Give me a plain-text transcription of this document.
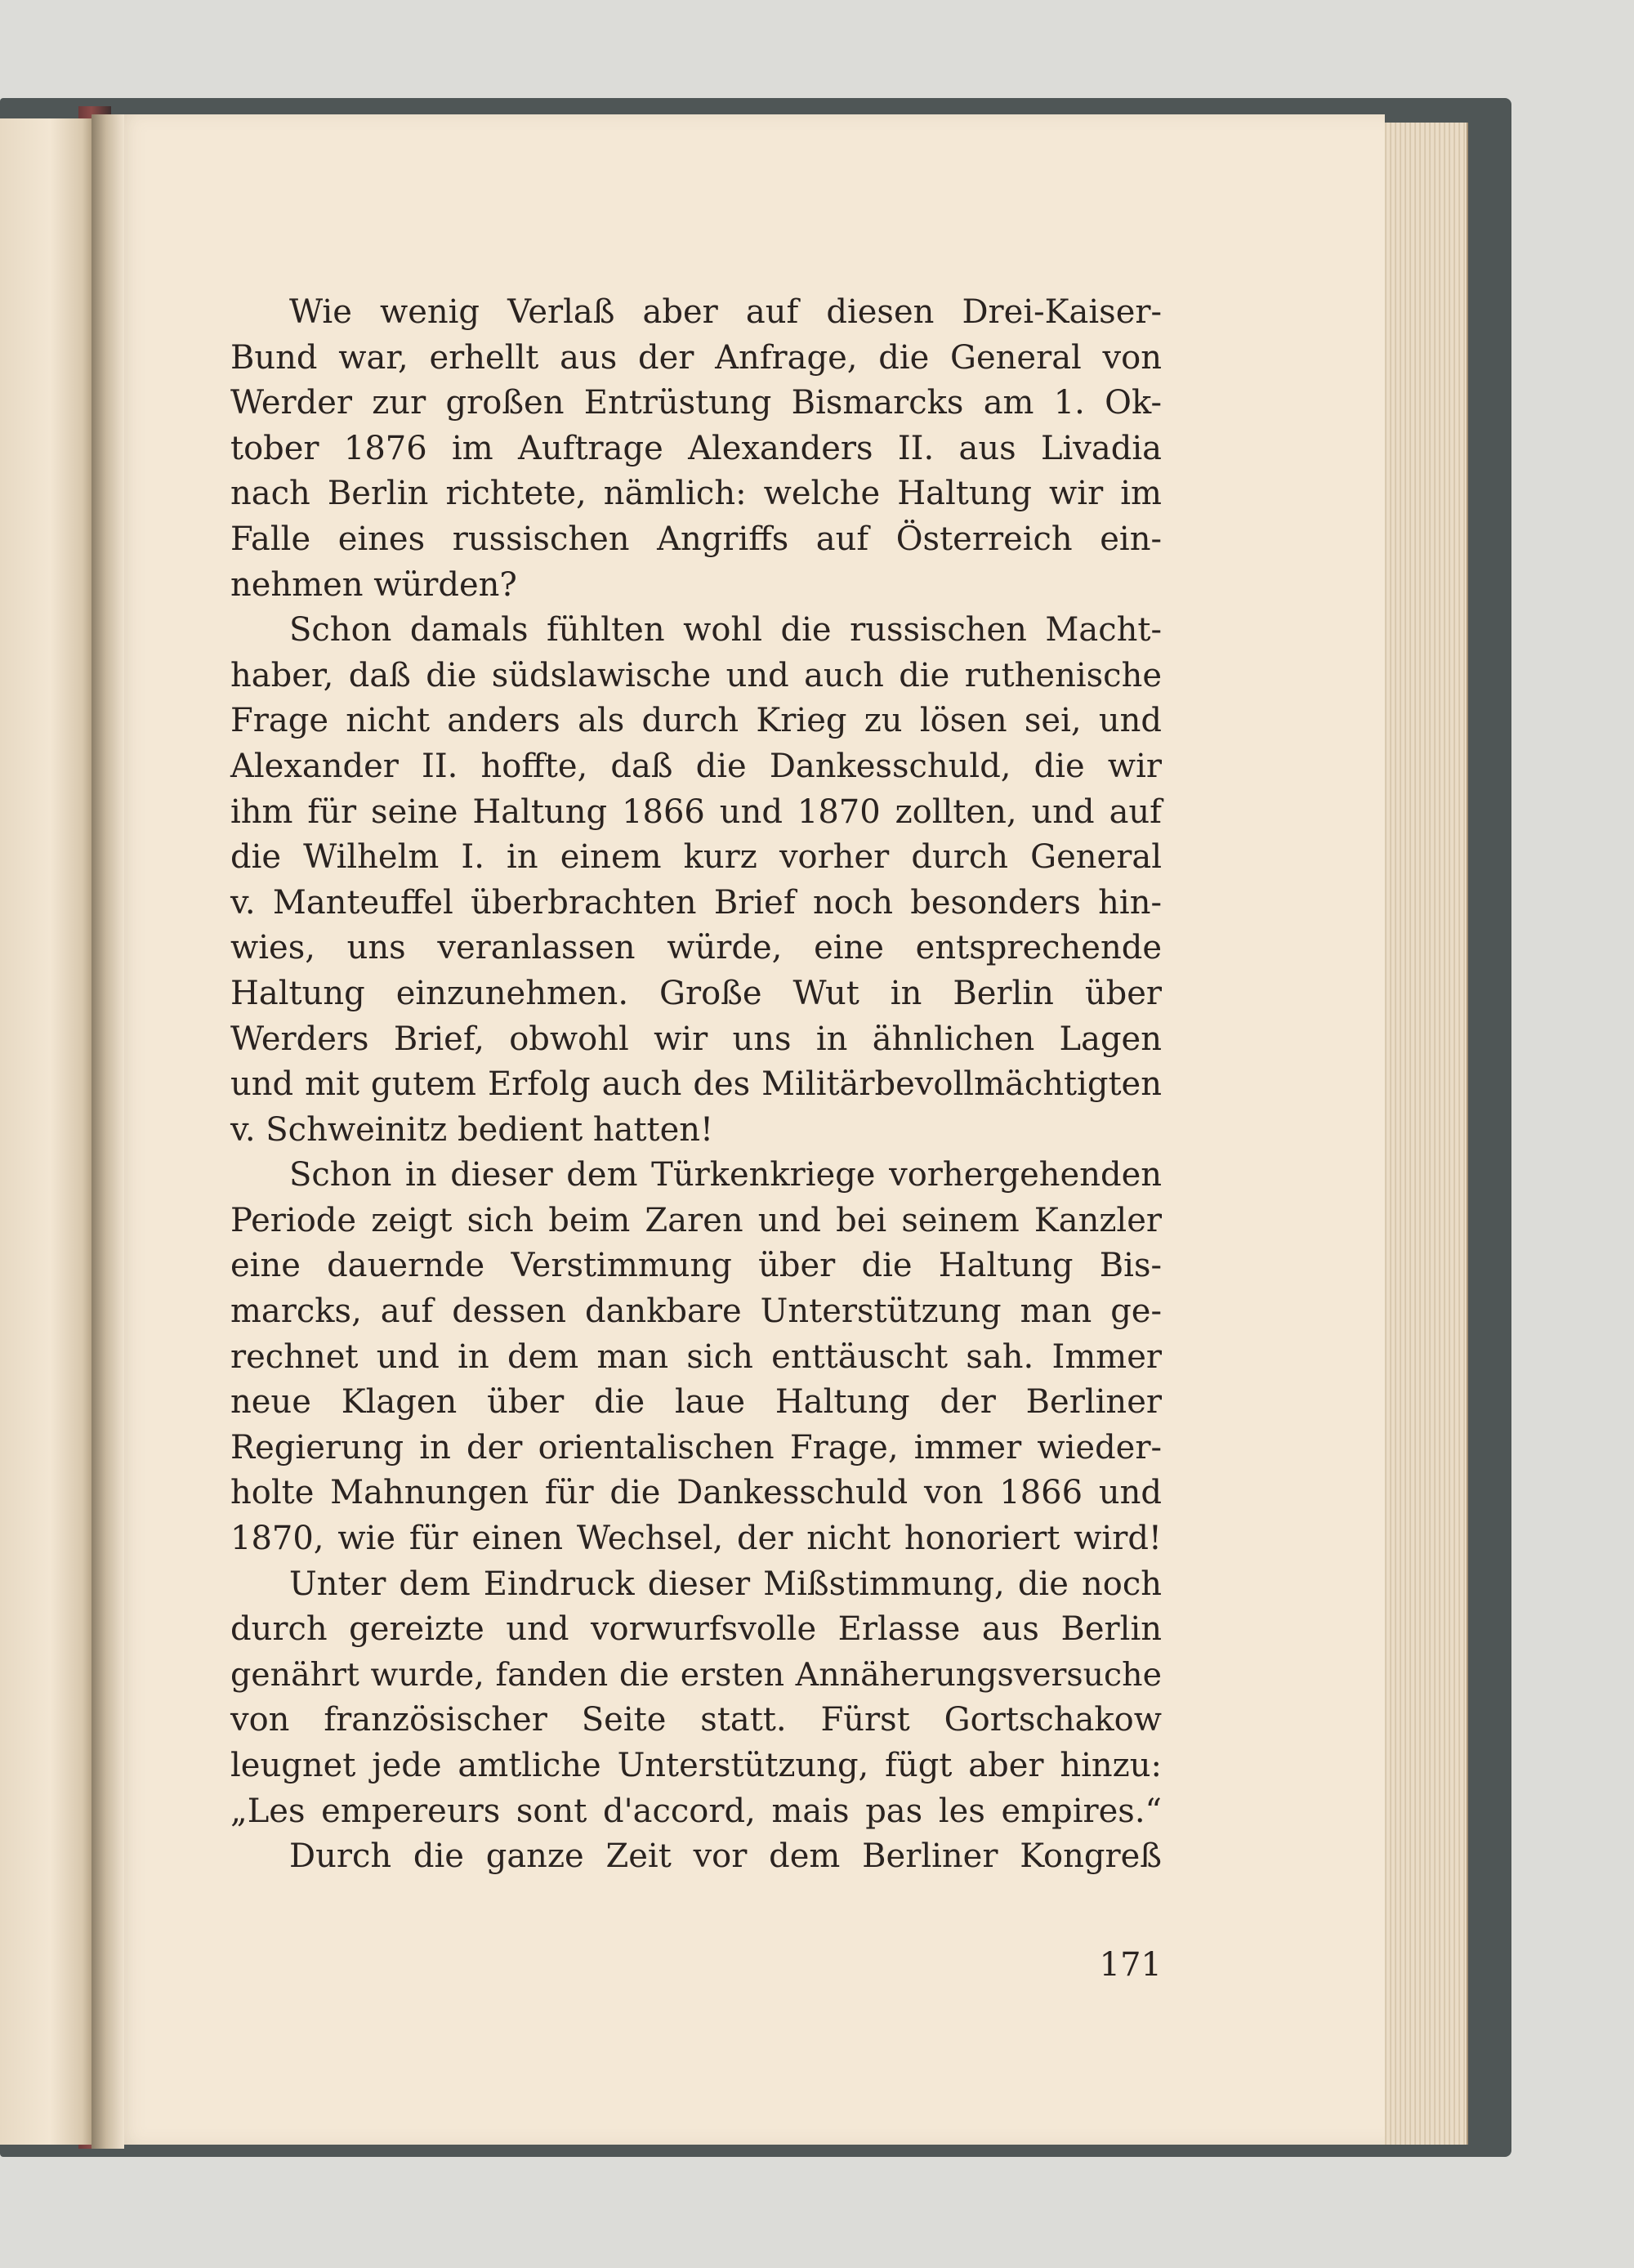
Wie wenig Verlaß aber auf diesen Drei-Kaiser-
Bund war, erhellt aus der Anfrage, die General von
Werder zur großen Entrüstung Bismarcks am 1. Ok-
tober 1876 im Auftrage Alexanders II. aus Livadia
nach Berlin richtete, nämlich: welche Haltung wir im
Falle eines russischen Angriffs auf Österreich ein-
nehmen würden?
Schon damals fühlten wohl die russischen Macht-
haber, daß die südslawische und auch die ruthenische
Frage nicht anders als durch Krieg zu lösen sei, und
Alexander II. hoffte, daß die Dankesschuld, die wir
ihm für seine Haltung 1866 und 1870 zollten, und auf
die Wilhelm I. in einem kurz vorher durch General
v. Manteuffel überbrachten Brief noch besonders hin-
wies, uns veranlassen würde, eine entsprechende
Haltung einzunehmen. Große Wut in Berlin über
Werders Brief, obwohl wir uns in ähnlichen Lagen
und mit gutem Erfolg auch des Militärbevollmächtigten
v. Schweinitz bedient hatten!
Schon in dieser dem Türkenkriege vorhergehenden
Periode zeigt sich beim Zaren und bei seinem Kanzler
eine dauernde Verstimmung über die Haltung Bis-
marcks, auf dessen dankbare Unterstützung man ge-
rechnet und in dem man sich enttäuscht sah. Immer
neue Klagen über die laue Haltung der Berliner
Regierung in der orientalischen Frage, immer wieder-
holte Mahnungen für die Dankesschuld von 1866 und
1870, wie für einen Wechsel, der nicht honoriert wird!
Unter dem Eindruck dieser Mißstimmung, die noch
durch gereizte und vorwurfsvolle Erlasse aus Berlin
genährt wurde, fanden die ersten Annäherungsversuche
von französischer Seite statt. Fürst Gortschakow
leugnet jede amtliche Unterstützung, fügt aber hinzu:
„Les empereurs sont d'accord, mais pas les empires.“
Durch die ganze Zeit vor dem Berliner Kongreß
171
